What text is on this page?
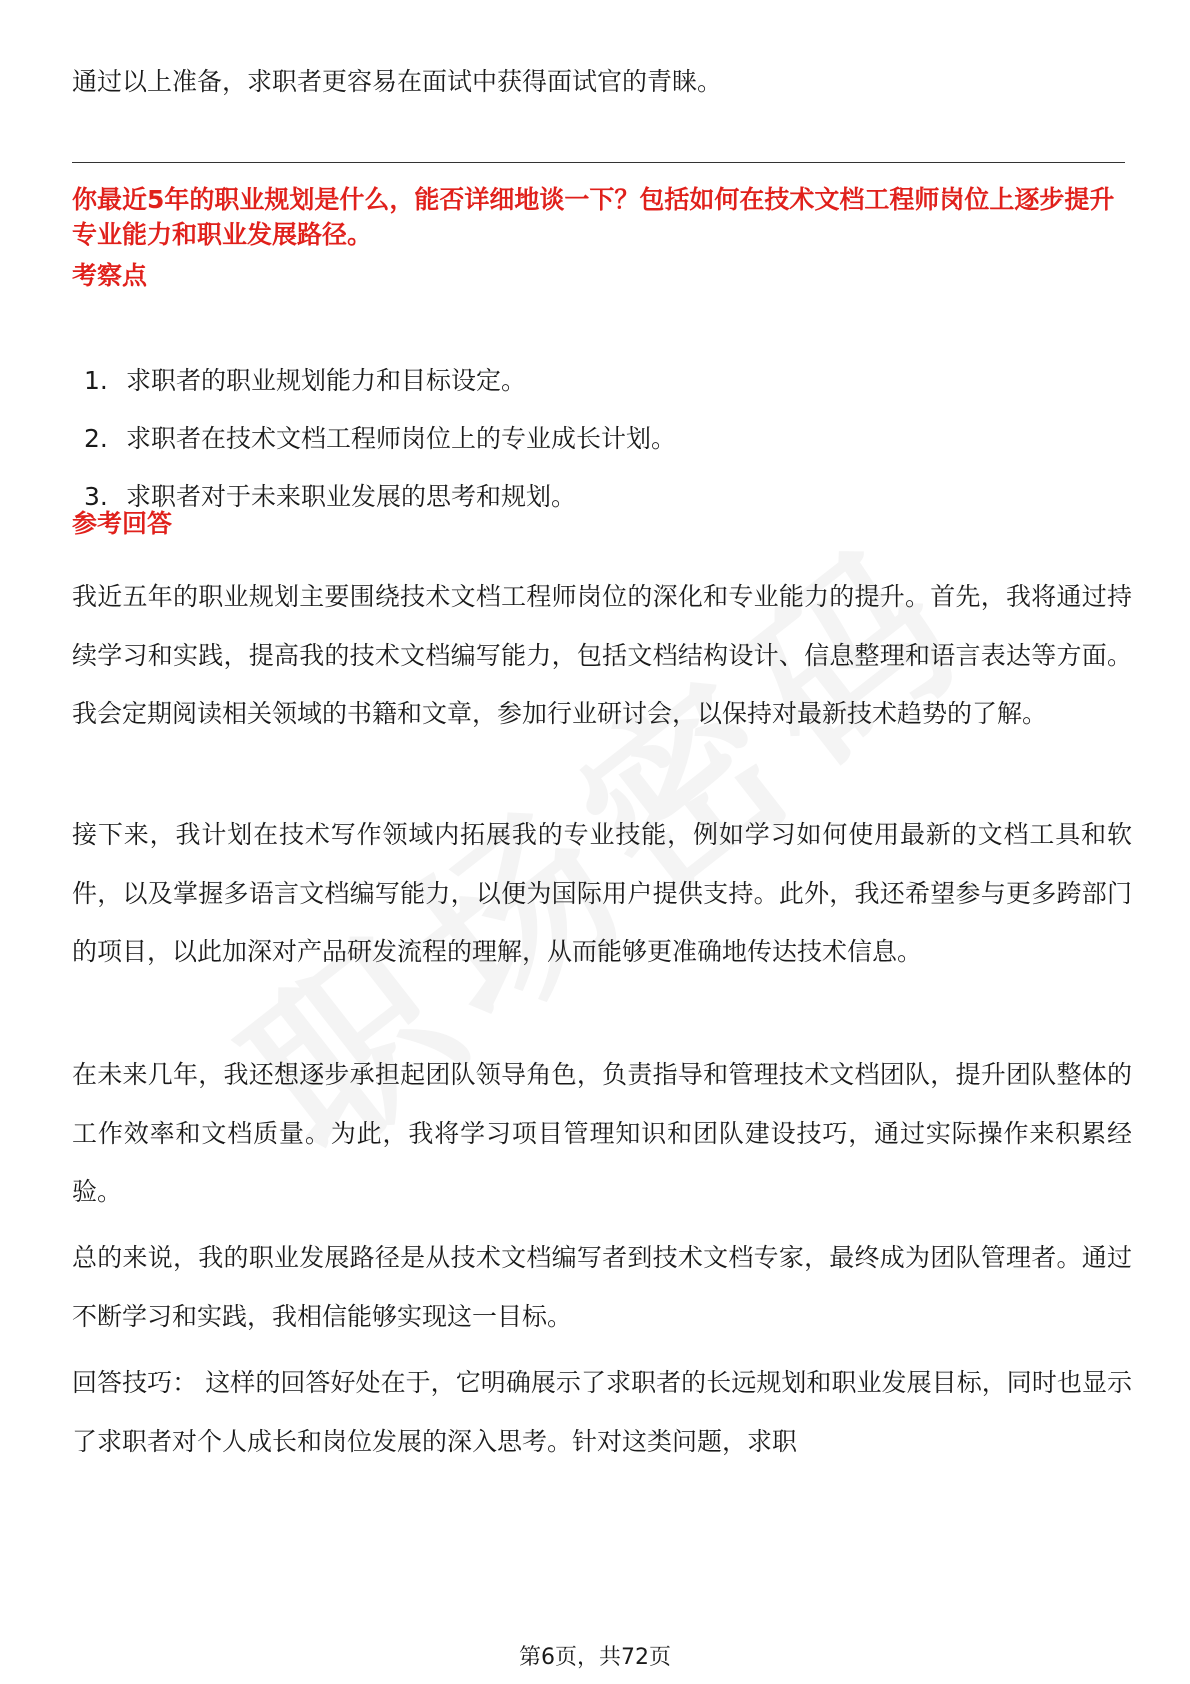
通过以上准备，求职者更容易在面试中获得面试官的青睐。

你最近5年的职业规划是什么，能否详细地谈一下？包括如何在技术文档工程师岗位上逐步提升专业能力和职业发展路径。

考察点

1. 求职者的职业规划能力和目标设定。
2. 求职者在技术文档工程师岗位上的专业成长计划。
3. 求职者对于未来职业发展的思考和规划。

参考回答

我近五年的职业规划主要围绕技术文档工程师岗位的深化和专业能力的提升。首先，我将通过持续学习和实践，提高我的技术文档编写能力，包括文档结构设计、信息整理和语言表达等方面。我会定期阅读相关领域的书籍和文章，参加行业研讨会，以保持对最新技术趋势的了解。

接下来，我计划在技术写作领域内拓展我的专业技能，例如学习如何使用最新的文档工具和软件，以及掌握多语言文档编写能力，以便为国际用户提供支持。此外，我还希望参与更多跨部门的项目，以此加深对产品研发流程的理解，从而能够更准确地传达技术信息。

在未来几年，我还想逐步承担起团队领导角色，负责指导和管理技术文档团队，提升团队整体的工作效率和文档质量。为此，我将学习项目管理知识和团队建设技巧，通过实际操作来积累经验。

总的来说，我的职业发展路径是从技术文档编写者到技术文档专家，最终成为团队管理者。通过不断学习和实践，我相信能够实现这一目标。

回答技巧： 这样的回答好处在于，它明确展示了求职者的长远规划和职业发展目标，同时也显示了求职者对个人成长和岗位发展的深入思考。针对这类问题，求职

第6页，共72页
